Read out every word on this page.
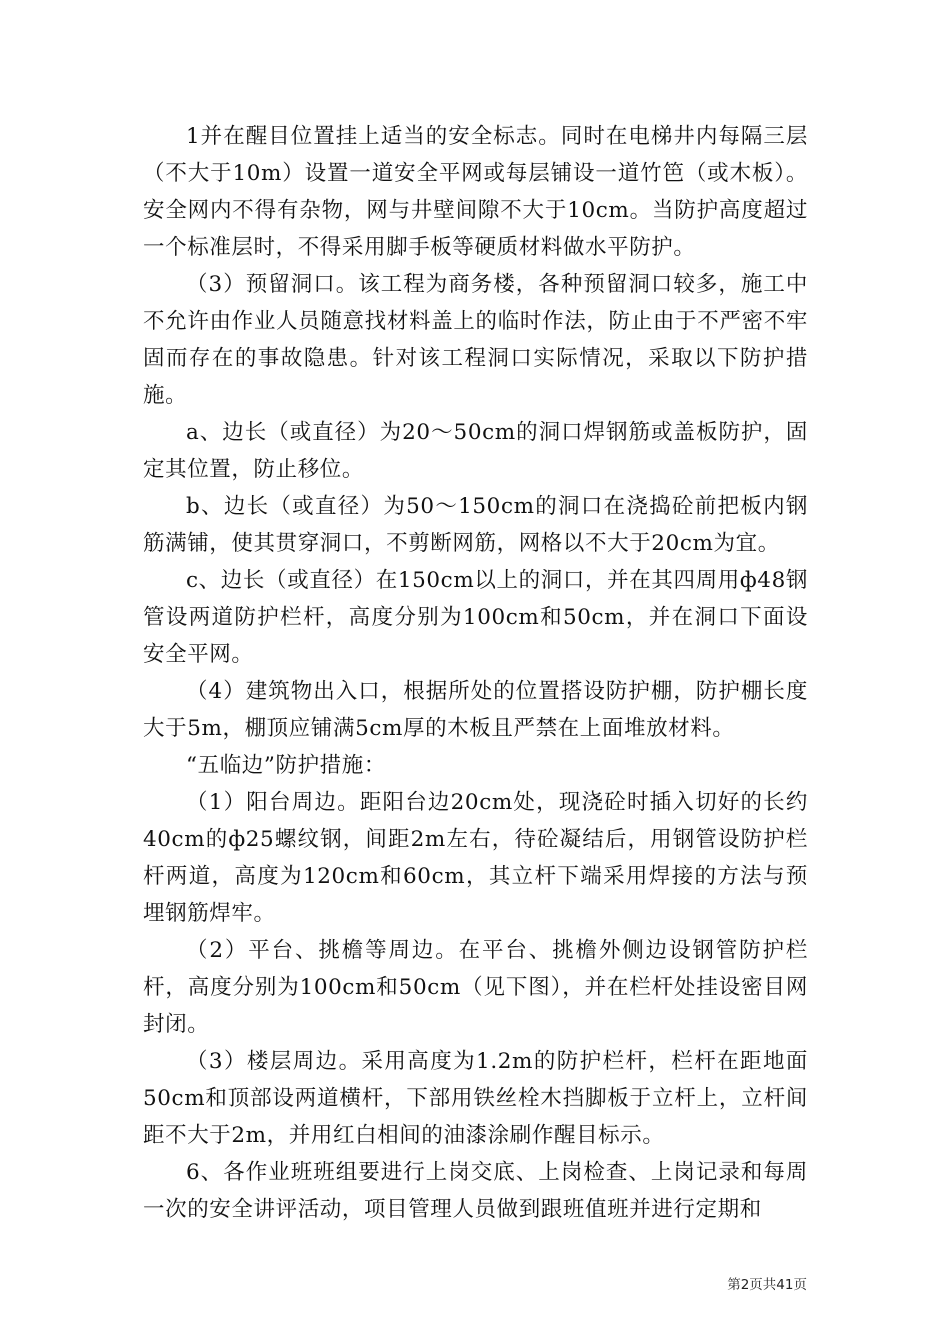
1并在醒目位置挂上适当的安全标志。同时在电梯井内每隔三层（不大于10m）设置一道安全平网或每层铺设一道竹笆（或木板）。安全网内不得有杂物，网与井壁间隙不大于10cm。当防护高度超过一个标准层时，不得采用脚手板等硬质材料做水平防护。

（3）预留洞口。该工程为商务楼，各种预留洞口较多，施工中不允许由作业人员随意找材料盖上的临时作法，防止由于不严密不牢固而存在的事故隐患。针对该工程洞口实际情况，采取以下防护措施。

a、边长（或直径）为20～50cm的洞口焊钢筋或盖板防护，固定其位置，防止移位。

b、边长（或直径）为50～150cm的洞口在浇捣砼前把板内钢筋满铺，使其贯穿洞口，不剪断网筋，网格以不大于20cm为宜。

c、边长（或直径）在150cm以上的洞口，并在其四周用ф48钢管设两道防护栏杆，高度分别为100cm和50cm，并在洞口下面设安全平网。

（4）建筑物出入口，根据所处的位置搭设防护棚，防护棚长度大于5m，棚顶应铺满5cm厚的木板且严禁在上面堆放材料。

“五临边”防护措施：

（1）阳台周边。距阳台边20cm处，现浇砼时插入切好的长约40cm的ф25螺纹钢，间距2m左右，待砼凝结后，用钢管设防护栏杆两道，高度为120cm和60cm，其立杆下端采用焊接的方法与预埋钢筋焊牢。

（2）平台、挑檐等周边。在平台、挑檐外侧边设钢管防护栏杆，高度分别为100cm和50cm（见下图），并在栏杆处挂设密目网封闭。

（3）楼层周边。采用高度为1.2m的防护栏杆，栏杆在距地面50cm和顶部设两道横杆，下部用铁丝栓木挡脚板于立杆上，立杆间距不大于2m，并用红白相间的油漆涂刷作醒目标示。

6、各作业班班组要进行上岗交底、上岗检查、上岗记录和每周一次的安全讲评活动，项目管理人员做到跟班值班并进行定期和

第2页共41页
